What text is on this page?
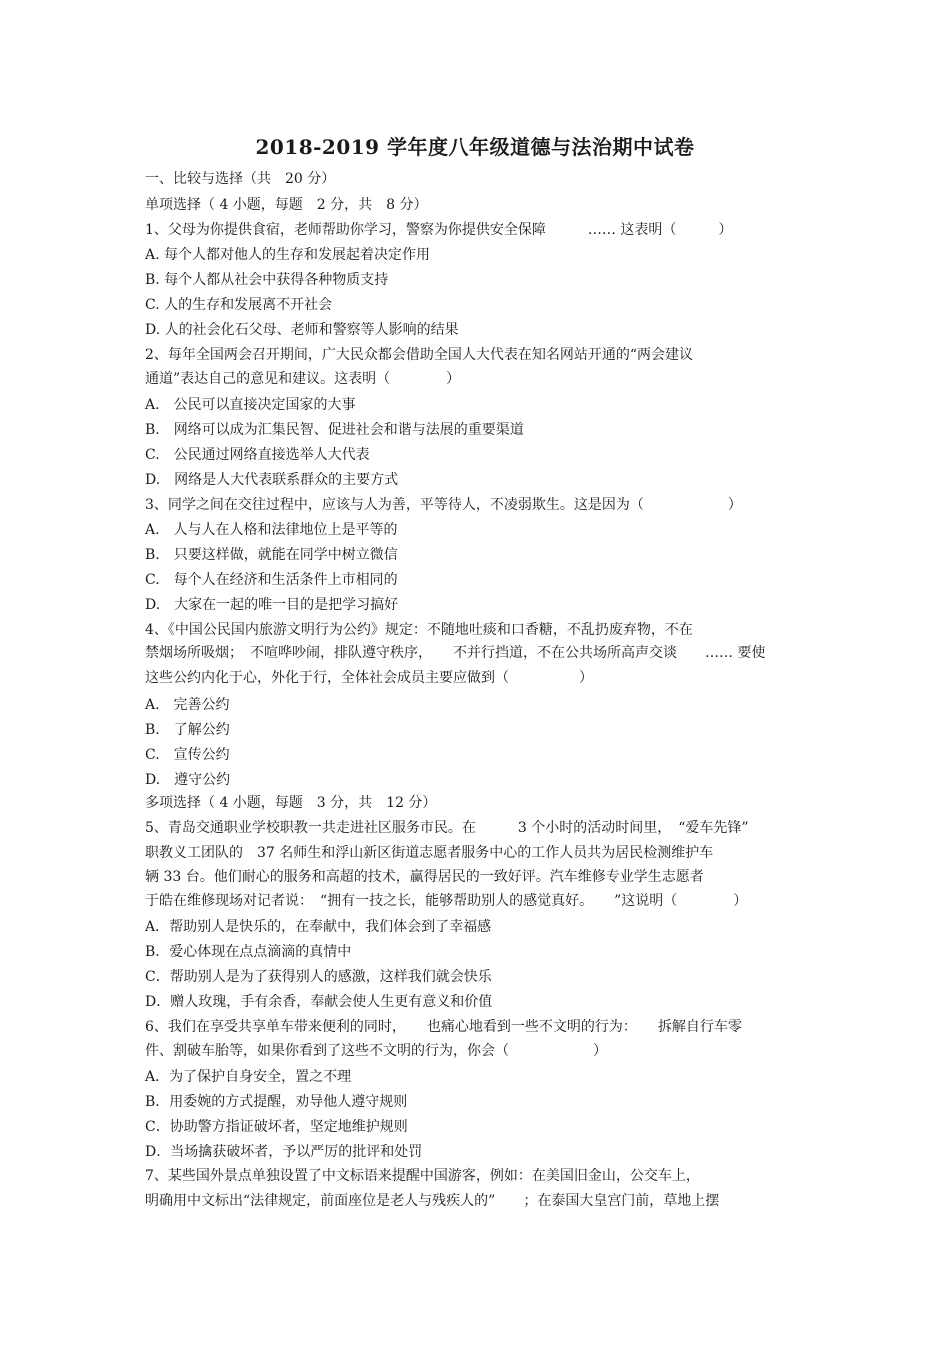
2018-2019 学年度八年级道德与法治期中试卷
一、比较与选择（共　20 分）
单项选择（ 4 小题，每题　2 分，共　8 分）
1、父母为你提供食宿，老师帮助你学习，警察为你提供安全保障　　　…… 这表明（　　　）
A. 每个人都对他人的生存和发展起着决定作用
B. 每个人都从社会中获得各种物质支持
C. 人的生存和发展离不开社会
D. 人的社会化石父母、老师和警察等人影响的结果
2、每年全国两会召开期间，广大民众都会借助全国人大代表在知名网站开通的“两会建议
通道”表达自己的意见和建议。这表明（　　　　）
A.　公民可以直接决定国家的大事
B.　网络可以成为汇集民智、促进社会和谐与法展的重要渠道
C.　公民通过网络直接选举人大代表
D.　网络是人大代表联系群众的主要方式
3、同学之间在交往过程中，应该与人为善，平等待人，不凌弱欺生。这是因为（　　　　　　）
A.　人与人在人格和法律地位上是平等的
B.　只要这样做，就能在同学中树立微信
C.　每个人在经济和生活条件上市相同的
D.　大家在一起的唯一目的是把学习搞好
4、《中国公民国内旅游文明行为公约》规定：不随地吐痰和口香糖，不乱扔废弃物，不在
禁烟场所吸烟；　不喧哗吵闹，排队遵守秩序，　　不并行挡道，不在公共场所高声交谈　　…… 要使
这些公约内化于心，外化于行，全体社会成员主要应做到（　　　　　）
A.　完善公约
B.　了解公约
C.　宣传公约
D.　遵守公约
多项选择（ 4 小题，每题　3 分，共　12 分）
5、青岛交通职业学校职教一共走进社区服务市民。在　　　3 个小时的活动时间里，　“爱车先锋”
职教义工团队的　37 名师生和浮山新区街道志愿者服务中心的工作人员共为居民检测维护车
辆 33 台。他们耐心的服务和高超的技术，赢得居民的一致好评。汽车维修专业学生志愿者
于皓在维修现场对记者说：　“拥有一技之长，能够帮助别人的感觉真好。　　”这说明（　　　　）
A．帮助别人是快乐的，在奉献中，我们体会到了幸福感
B．爱心体现在点点滴滴的真情中
C．帮助别人是为了获得别人的感激，这样我们就会快乐
D．赠人玫瑰，手有余香，奉献会使人生更有意义和价值
6、我们在享受共享单车带来便利的同时，　　也痛心地看到一些不文明的行为：　　拆解自行车零
件、割破车胎等，如果你看到了这些不文明的行为，你会（　　　　　　）
A．为了保护自身安全，置之不理
B．用委婉的方式提醒，劝导他人遵守规则
C．协助警方指证破坏者，坚定地维护规则
D．当场擒获破坏者，予以严厉的批评和处罚
7、某些国外景点单独设置了中文标语来提醒中国游客，例如：在美国旧金山，公交车上，
明确用中文标出“法律规定，前面座位是老人与残疾人的”　　；在泰国大皇宫门前，草地上摆
